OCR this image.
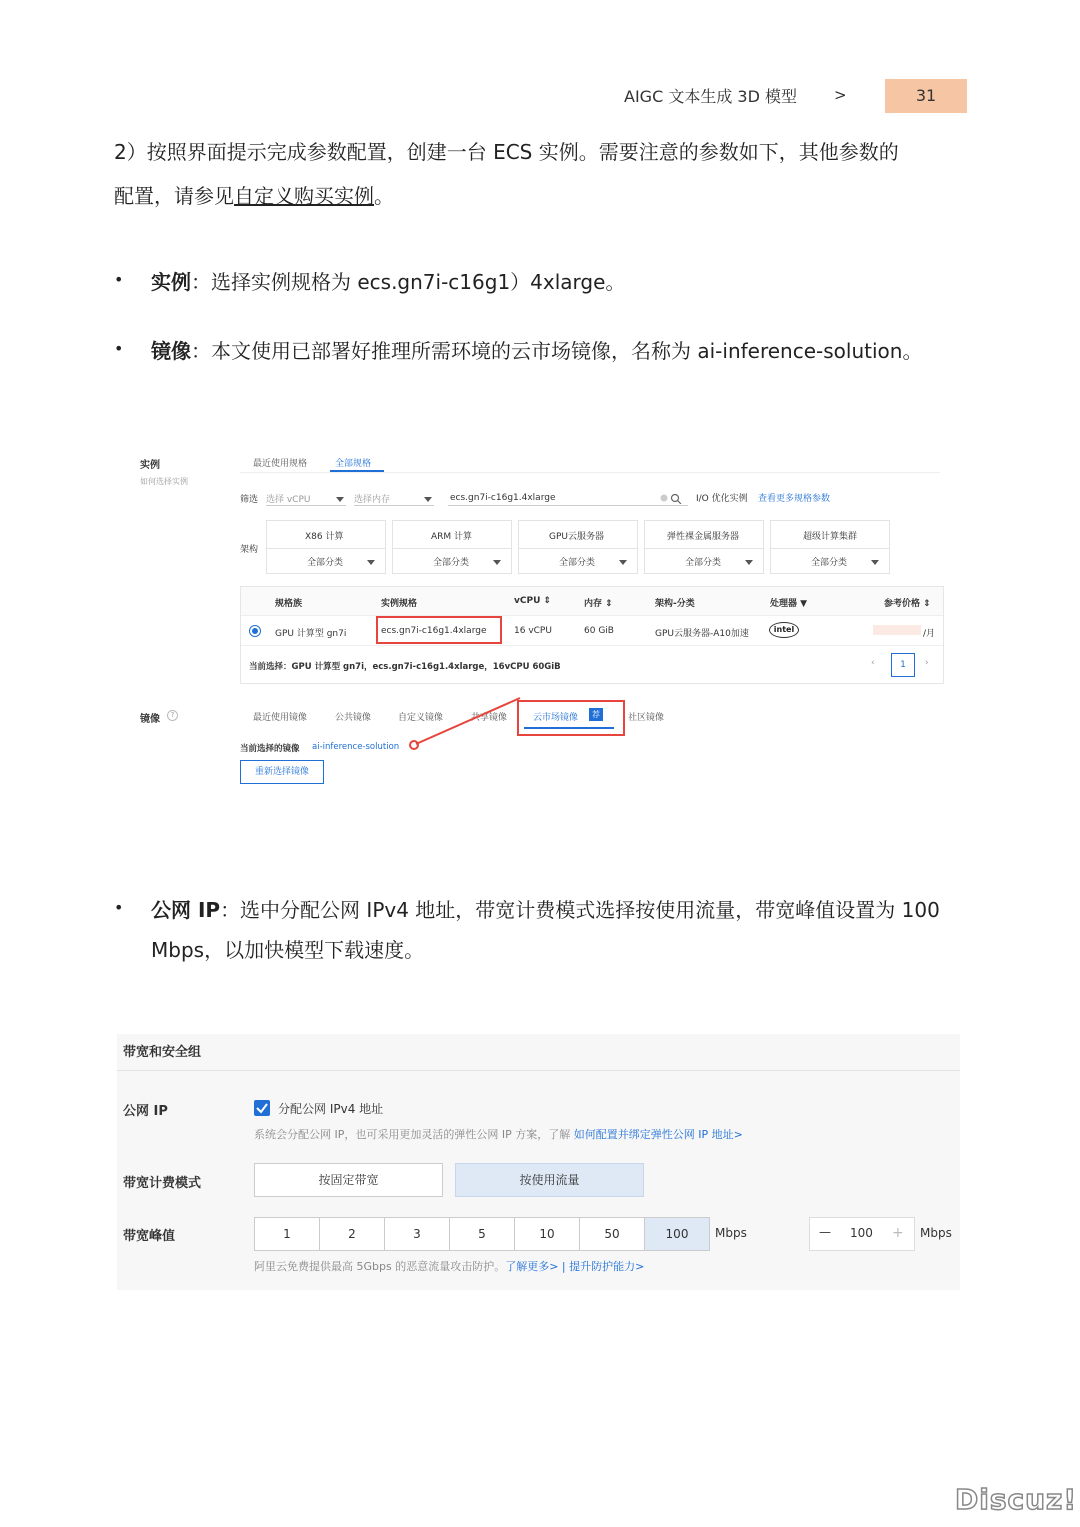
AIGC 文本生成 3D 模型 >	31
2）按照界面提示完成参数配置，创建一台 ECS 实例。需要注意的参数如下，其他参数的
配置，请参见自定义购买实例。
• 实例：选择实例规格为 ecs.gn7i-c16g1）4xlarge。
• 镜像：本文使用已部署好推理所需环境的云市场镜像，名称为 ai-inference-solution。
实例
如何选择实例
最近使用规格	全部规格
筛选 选择 vCPU	选择内存	ecs.gn7i-c16g1.4xlarge	I/O 优化实例 查看更多规格参数
架构
X86 计算
全部分类
ARM 计算
全部分类
GPU云服务器
全部分类
弹性裸金属服务器
全部分类
超级计算集群
全部分类
规格族	实例规格	vCPU ⇕	内存 ⇕	架构-分类	处理器 ▼	参考价格 ⇕
GPU 计算型 gn7i	ecs.gn7i-c16g1.4xlarge	16 vCPU	60 GiB	GPU云服务器-A10加速	intel	/月
当前选择：GPU 计算型 gn7i，ecs.gn7i-c16g1.4xlarge，16vCPU 60GiB	‹	1	›
镜像	?	最近使用镜像	公共镜像	自定义镜像	共享镜像	云市场镜像	荐	社区镜像
当前选择的镜像 ai-inference-solution
重新选择镜像
• 公网 IP：选中分配公网 IPv4 地址，带宽计费模式选择按使用流量，带宽峰值设置为 100
Mbps，以加快模型下载速度。
带宽和安全组
公网 IP	分配公网 IPv4 地址
系统会分配公网 IP，也可采用更加灵活的弹性公网 IP 方案，了解 如何配置并绑定弹性公网 IP 地址>
带宽计费模式	按固定带宽	按使用流量
带宽峰值	1	2	3	5	10	50	100	Mbps	— 100 + Mbps
阿里云免费提供最高 5Gbps 的恶意流量攻击防护。了解更多> | 提升防护能力>
Discuz!
